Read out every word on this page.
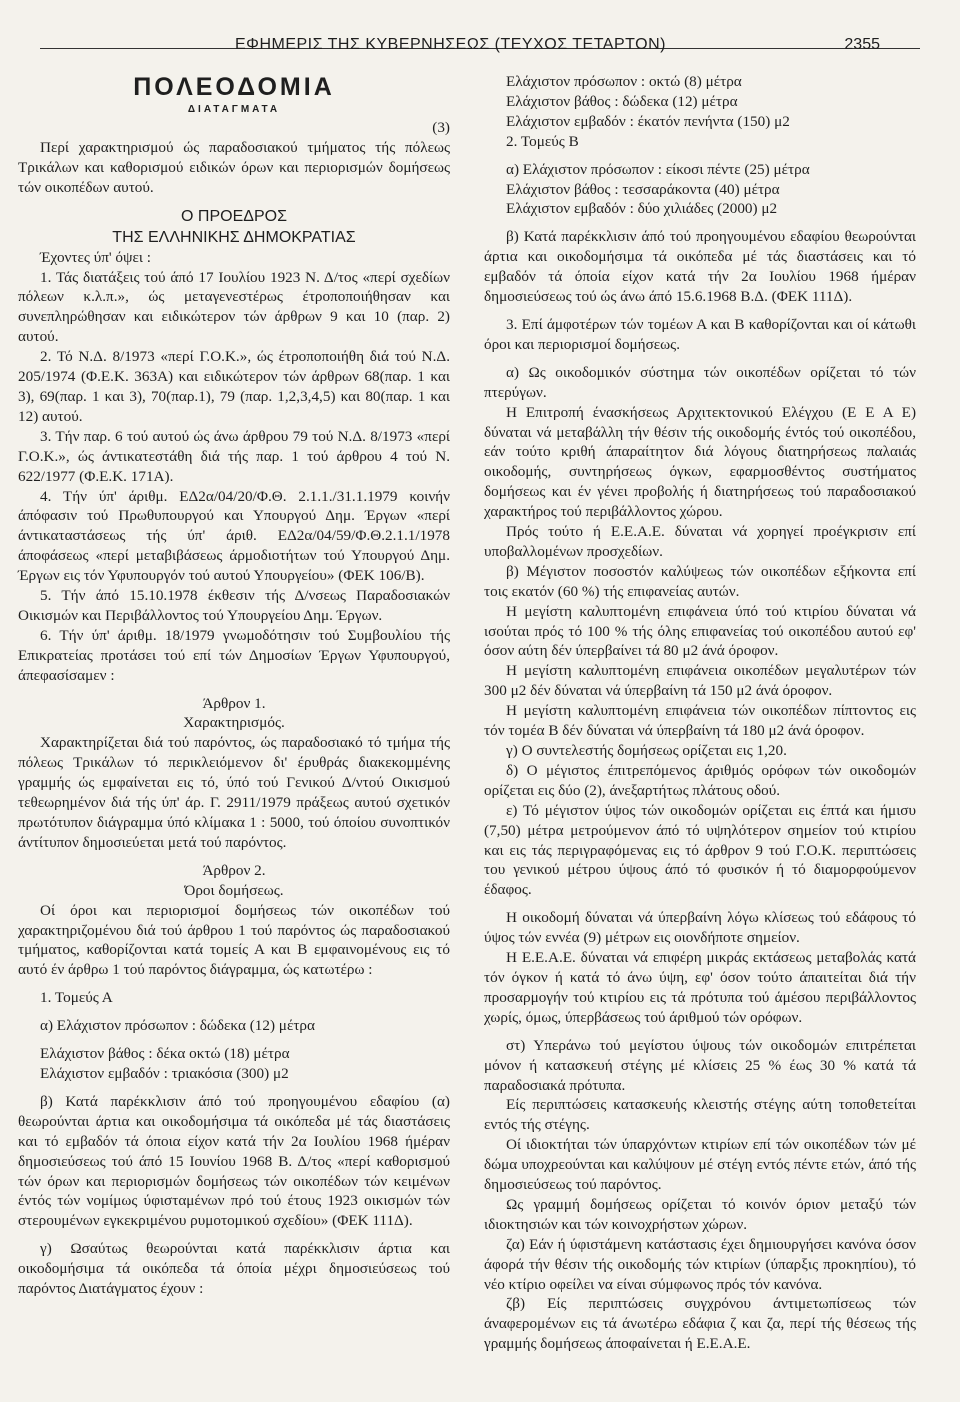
ΕΦΗΜΕΡΙΣ ΤΗΣ ΚΥΒΕΡΝΗΣΕΩΣ (ΤΕΥΧΟΣ ΤΕΤΑΡΤΟΝ)	2355

ΠΟΛΕΟΔΟΜΙΑ

ΔΙΑΤΑΓΜΑΤΑ

(3)

Περί χαρακτηρισμού ώς παραδοσιακού τμήματος τής πόλεως Τρικάλων και καθορισμού ειδικών όρων και περιορισμών δομήσεως τών οικοπέδων αυτού.

Ο ΠΡΟΕΔΡΟΣ

ΤΗΣ ΕΛΛΗΝΙΚΗΣ ΔΗΜΟΚΡΑΤΙΑΣ

Έχοντες ύπ' όψει :

1. Τάς διατάξεις τού άπό 17 Ιουλίου 1923 Ν. Δ/τος «περί σχεδίων πόλεων κ.λ.π.», ώς μεταγενεστέρως έτροποποιήθησαν και συνεπληρώθησαν και ειδικώτερον τών άρθρων 9 και 10 (παρ. 2) αυτού.

2. Τό Ν.Δ. 8/1973 «περί Γ.Ο.Κ.», ώς έτροποποιήθη διά τού Ν.Δ. 205/1974 (Φ.Ε.Κ. 363Α) και ειδικώτερον τών άρθρων 68(παρ. 1 και 3), 69(παρ. 1 και 3), 70(παρ.1), 79 (παρ. 1,2,3,4,5) και 80(παρ. 1 και 12) αυτού.

3. Τήν παρ. 6 τού αυτού ώς άνω άρθρου 79 τού Ν.Δ. 8/1973 «περί Γ.Ο.Κ.», ώς άντικατεστάθη διά τής παρ. 1 τού άρθρου 4 τού Ν. 622/1977 (Φ.Ε.Κ. 171Α).

4. Τήν ύπ' άριθμ. ΕΔ2α/04/20/Φ.Θ. 2.1.1./31.1.1979 κοινήν άπόφασιν τού Πρωθυπουργού και Υπουργού Δημ. Έργων «περί άντικαταστάσεως τής ύπ' άριθ. ΕΔ2α/04/59/Φ.Θ.2.1.1/1978 άποφάσεως «περί μεταβιβάσεως άρμοδιοτήτων τού Υπουργού Δημ. Έργων εις τόν Υφυπουργόν τού αυτού Υπουργείου» (ΦΕΚ 106/Β).

5. Τήν άπό 15.10.1978 έκθεσιν τής Δ/νσεως Παραδοσιακών Οικισμών και Περιβάλλοντος τού Υπουργείου Δημ. Έργων.

6. Τήν ύπ' άριθμ. 18/1979 γνωμοδότησιν τού Συμβουλίου τής Επικρατείας προτάσει τού επί τών Δημοσίων Έργων Υφυπουργού, άπεφασίσαμεν :

Άρθρον 1.

Χαρακτηρισμός.

Χαρακτηρίζεται διά τού παρόντος, ώς παραδοσιακό τό τμήμα τής πόλεως Τρικάλων τό περικλειόμενον δι' έρυθράς διακεκομμένης γραμμής ώς εμφαίνεται εις τό, ύπό τού Γενικού Δ/ντού Οικισμού τεθεωρημένον διά τής ύπ' άρ. Γ. 2911/1979 πράξεως αυτού σχετικόν πρωτότυπον διάγραμμα ύπό κλίμακα 1 : 5000, τού όποίου συνοπτικόν άντίτυπον δημοσιεύεται μετά τού παρόντος.

Άρθρον 2.

Όροι δομήσεως.

Οί όροι και περιορισμοί δομήσεως τών οικοπέδων τού χαρακτηριζομένου διά τού άρθρου 1 τού παρόντος ώς παραδοσιακού τμήματος, καθορίζονται κατά τομείς Α και Β εμφαινομένους εις τό αυτό έν άρθρω 1 τού παρόντος διάγραμμα, ώς κατωτέρω :

1. Τομεύς Α

α) Ελάχιστον πρόσωπον : δώδεκα (12) μέτρα

Ελάχιστον βάθος : δέκα οκτώ (18) μέτρα

Ελάχιστον εμβαδόν : τριακόσια (300) μ2

β) Κατά παρέκκλισιν άπό τού προηγουμένου εδαφίου (α) θεωρούνται άρτια και οικοδομήσιμα τά οικόπεδα μέ τάς διαστάσεις και τό εμβαδόν τά όποια είχον κατά τήν 2α Ιουλίου 1968 ήμέραν δημοσιεύσεως τού άπό 15 Ιουνίου 1968 Β. Δ/τος «περί καθορισμού τών όρων και περιορισμών δομήσεως τών οικοπέδων τών κειμένων έντός τών νομίμως ύφισταμένων πρό τού έτους 1923 οικισμών τών στερουμένων εγκεκριμένου ρυμοτομικού σχεδίου» (ΦΕΚ 111Δ).

γ) Ωσαύτως θεωρούνται κατά παρέκκλισιν άρτια και οικοδομήσιμα τά οικόπεδα τά όποία μέχρι δημοσιεύσεως τού παρόντος Διατάγματος έχουν :

Ελάχιστον πρόσωπον : οκτώ (8) μέτρα

Ελάχιστον βάθος : δώδεκα (12) μέτρα

Ελάχιστον εμβαδόν : έκατόν πενήντα (150) μ2

2. Τομεύς Β

α) Ελάχιστον πρόσωπον : είκοσι πέντε (25) μέτρα

Ελάχιστον βάθος : τεσσαράκοντα (40) μέτρα

Ελάχιστον εμβαδόν : δύο χιλιάδες (2000) μ2

β) Κατά παρέκκλισιν άπό τού προηγουμένου εδαφίου θεωρούνται άρτια και οικοδομήσιμα τά οικόπεδα μέ τάς διαστάσεις και τό εμβαδόν τά όποία είχον κατά τήν 2α Ιουλίου 1968 ήμέραν δημοσιεύσεως τού ώς άνω άπό 15.6.1968 Β.Δ. (ΦΕΚ 111Δ).

3. Επί άμφοτέρων τών τομέων Α και Β καθορίζονται και οί κάτωθι όροι και περιορισμοί δομήσεως.

α) Ως οικοδομικόν σύστημα τών οικοπέδων ορίζεται τό τών πτερύγων.

Η Επιτροπή ένασκήσεως Αρχιτεκτονικού Ελέγχου (Ε Ε Α Ε) δύναται νά μεταβάλλη τήν θέσιν τής οικοδομής έντός τού οικοπέδου, εάν τούτο κριθή άπαραίτητον διά λόγους διατηρήσεως παλαιάς οικοδομής, συντηρήσεως όγκων, εφαρμοσθέντος συστήματος δομήσεως και έν γένει προβολής ή διατηρήσεως τού παραδοσιακού χαρακτήρος τού περιβάλλοντος χώρου.

Πρός τούτο ή Ε.Ε.Α.Ε. δύναται νά χορηγεί προέγκρισιν επί υποβαλλομένων προσχεδίων.

β) Μέγιστον ποσοστόν καλύψεως τών οικοπέδων εξήκοντα επί τοις εκατόν (60 %) τής επιφανείας αυτών.

Η μεγίστη καλυπτομένη επιφάνεια ύπό τού κτιρίου δύναται νά ισούται πρός τό 100 % τής όλης επιφανείας τού οικοπέδου αυτού εφ' όσον αύτη δέν ύπερβαίνει τά 80 μ2 άνά όροφον.

Η μεγίστη καλυπτομένη επιφάνεια οικοπέδων μεγαλυτέρων τών 300 μ2 δέν δύναται νά ύπερβαίνη τά 150 μ2 άνά όροφον.

Η μεγίστη καλυπτομένη επιφάνεια τών οικοπέδων πίπτοντος εις τόν τομέα Β δέν δύναται νά ύπερβαίνη τά 180 μ2 άνά όροφον.

γ) Ο συντελεστής δομήσεως ορίζεται εις 1,20.

δ) Ο μέγιστος έπιτρεπόμενος άριθμός ορόφων τών οικοδομών ορίζεται εις δύο (2), άνεξαρτήτως πλάτους οδού.

ε) Τό μέγιστον ύψος τών οικοδομών ορίζεται εις έπτά και ήμισυ (7,50) μέτρα μετρούμενον άπό τό υψηλότερον σημείον τού κτιρίου και εις τάς περιγραφόμενας εις τό άρθρον 9 τού Γ.Ο.Κ. περιπτώσεις του γενικού μέτρου ύψους άπό τό φυσικόν ή τό διαμορφούμενον έδαφος.

Η οικοδομή δύναται νά ύπερβαίνη λόγω κλίσεως τού εδάφους τό ύψος τών εννέα (9) μέτρων εις οιονδήποτε σημείον.

Η Ε.Ε.Α.Ε. δύναται νά επιφέρη μικράς εκτάσεως μεταβολάς κατά τόν όγκον ή κατά τό άνω ύψη, εφ' όσον τούτο άπαιτείται διά τήν προσαρμογήν τού κτιρίου εις τά πρότυπα τού άμέσου περιβάλλοντος χωρίς, όμως, ύπερβάσεως τού άριθμού τών ορόφων.

στ) Υπεράνω τού μεγίστου ύψους τών οικοδομών επιτρέπεται μόνον ή κατασκευή στέγης μέ κλίσεις 25 % έως 30 % κατά τά παραδοσιακά πρότυπα.

Είς περιπτώσεις κατασκευής κλειστής στέγης αύτη τοποθετείται εντός τής στέγης.

Οί ιδιοκτήται τών ύπαρχόντων κτιρίων επί τών οικοπέδων τών μέ δώμα υποχρεούνται και καλύψουν μέ στέγη εντός πέντε ετών, άπό τής δημοσιεύσεως τού παρόντος.

Ως γραμμή δομήσεως ορίζεται τό κοινόν όριον μεταξύ τών ιδιοκτησιών και τών κοινοχρήστων χώρων.

ζα) Εάν ή ύφιστάμενη κατάστασις έχει δημιουργήσει κανόνα όσον άφορά τήν θέσιν τής οικοδομής τών κτιρίων (ύπαρξις προκηπίου), τό νέο κτίριο οφείλει να είναι σύμφωνος πρός τόν κανόνα.

ζβ) Είς περιπτώσεις συγχρόνου άντιμετωπίσεως τών άναφερομένων εις τά άνωτέρω εδάφια ζ και ζα, περί τής θέσεως τής γραμμής δομήσεως άποφαίνεται ή Ε.Ε.Α.Ε.
